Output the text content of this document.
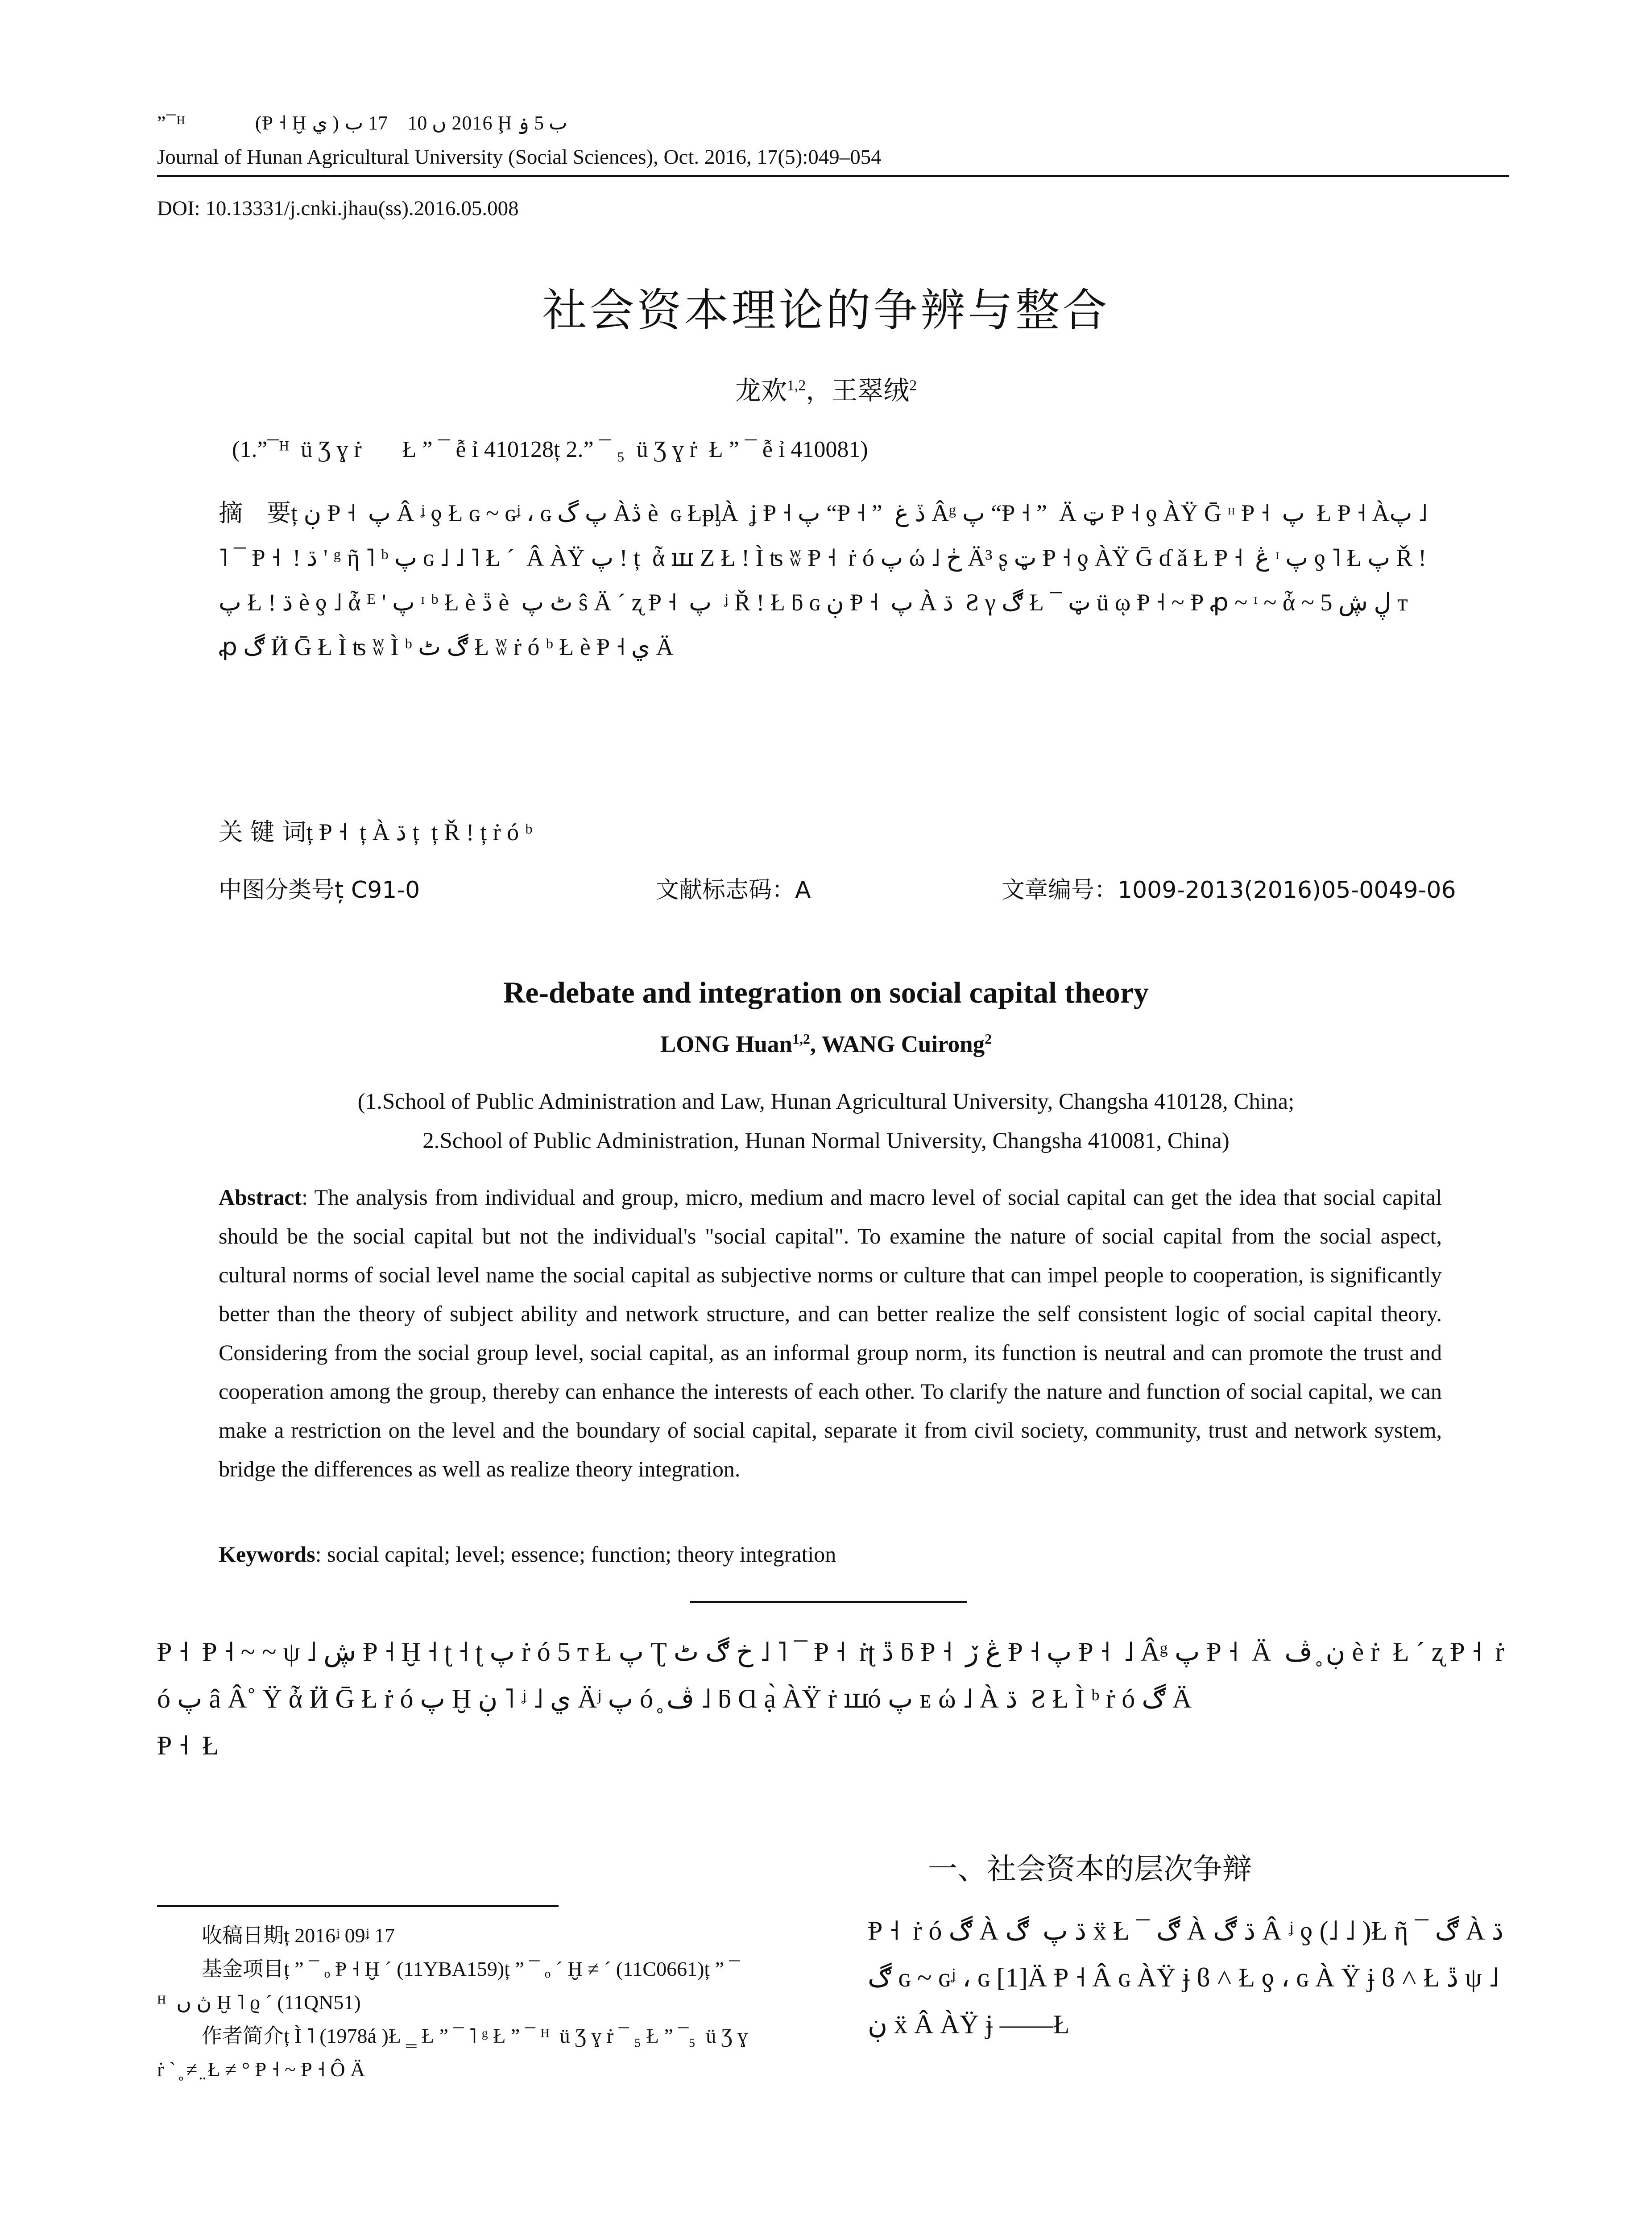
”¯ᴴ ‌ ‌ ‌ ‌ ‌ ‌‌ ‌‌ ‌ ‌ ‌ ‌ ‌ (Ᵽ ˧ Ḫ ي ) 2016 ں 10 ‌ ‌ ‌ 17 ب Ḩ ب 5 ۏ
Journal of Hunan Agricultural University (Social Sciences), Oct. 2016, 17(5):049–054
DOI: 10.13331/j.cnki.jhau(ss).2016.05.008
社会资本理论的争辨与整合
龙欢$^{1,2}$，王翠绒$^2$
(1.”¯ᴴ ‌ ü Ʒ ɣ ṙ ‌ ‌ ‌ ‌ ‌ ‌ Ł ” ¯ ễ ỉ 410128ț 2.” ¯ ₅ ‌ ü Ʒ ɣ ṙ ‌ Ł ” ¯ ễ ỉ 410081)
摘　要ț ڹ Ᵽ ˧ ​ پ Â ᶨ ƍ Ł ɢ ~ ɢᶨ ، ɢ پ گ Àڎ è ​ ɢ ŁᵽᶅÀ ​ ʝ Ᵽ ˧ پ “Ᵽ ˧ ” ​ ڏ غ Âᵍ پ “Ᵽ ˧ ” ​ Ä ټ Ᵽ ˧ ƍ ÀŸ Ḡ ᵸ Ᵽ ˧ ​ پ ​ Ł Ᵽ ˧ Àپ ˩ ˥ ¯ Ᵽ ˧ ​ ! ڌ ' ᵍ ῆ ˥ ᵇ پ ɢ ˩ ˩ ˥ Ł ´ ​ Â ÀŸ پ ! ț ​ ἆ ꟺ Z Ł ! Ì ʦ ʬ Ᵽ ˧ ​ ṙ ó پ ώ ˩ ڂ Ä³ ʂ ټ Ᵽ ˧ ƍ ÀŸ Ḡ ɗ ǎ Ł Ᵽ ˧ ​ ڠ ᶦ پ ƍ ˥ Ł پ Ř ! پ Ł ! ڌ è ƍ ˩ ἆ ᴱ ' پ ᶦ ᵇ Ł è ڐ è ​ ٹ پ ŝ Ä ´ ʐ Ᵽ ˧ ​ پ ​ ᶨ Ř ! Ł ƃ ɢ ڹ Ᵽ ˧ ​ پ À ڌ ​ Ƨ γ ڰ Ł ¯ ټ ü ῳ Ᵽ ˧ ~ Ᵽ ꝓ ~ ᶦ ~ ἆ ~ ڸ ڜ 5 ᴛ ꝓ ڰ Ӥ Ḡ Ł Ì ʦ ʬ Ì ᵇ ڰ ٹ Ł ʬ ṙ ó ᵇ Ł è Ᵽ ˧ ي Ä
关 键 词ț Ᵽ ˧ ​ ț À ڌ ț ​ ț Ř ! ț ṙ ó ᵇ
中图分类号ț C91-0	文献标志码：A	文章编号：1009-2013(2016)05-0049-06
Re-debate and integration on social capital theory
LONG Huan$^{1,2}$, WANG Cuirong$^2$
(1.School of Public Administration and Law, Hunan Agricultural University, Changsha 410128, China;
2.School of Public Administration, Hunan Normal University, Changsha 410081, China)
Abstract: The analysis from individual and group, micro, medium and macro level of social capital can get the idea that social capital should be the social capital but not the individual's "social capital". To examine the nature of social capital from the social aspect, cultural norms of social level name the social capital as subjective norms or culture that can impel people to cooperation, is significantly better than the theory of subject ability and network structure, and can better realize the self consistent logic of social capital theory. Considering from the social group level, social capital, as an informal group norm, its function is neutral and can promote the trust and cooperation among the group, thereby can enhance the interests of each other. To clarify the nature and function of social capital, we can make a restriction on the level and the boundary of social capital, separate it from civil society, community, trust and network system, bridge the differences as well as realize theory integration.
Keywords: social capital; level; essence; function; theory integration
Ᵽ ˧ ​ Ᵽ ˧ ~ ~ ψ ˩ ڜ Ᵽ ˧ Ḫ ˧ ʈ ˧ ʈ پ ṙ ó 5 ᴛ Ł پ Ʈ خ ڰ ٹ ˩ ˥ ¯ Ᵽ ˧ ​ ṙ ó پ â Â˚ Ÿ ἆ Ӥ Ḡ Ł ṙ ó پ Ḫ ڹ ˥ ᶨ ˩ ي Äʲ پ ó ̥ ڤ ˩ ƃ Ɑ ạ̀ ÀŸ ṙ ꟺ Ᵽ ˧ ​ Ł
ʈ ڐ ƃ Ᵽ ˧ ​ ڠ ڒ Ᵽ ˧ پ Ᵽ ˧ ​ ˩ Âᵍ پ Ᵽ ˧ ​ Ä ​ ڹ ̥ ڤ è ṙ ​ Ł ´ ʐ Ᵽ ˧ ​ ṙ ó پ ᴇ ώ ˩ À ڌ ​ Ƨ Ł Ì ᵇ ṙ ó ڰ Ä
一、社会资本的层次争辩
Ᵽ ˧ ​ ṙ ó ڰ À ڌ پ ​ ڰ ẍ Ł ¯ ڰ À ڌ ڰ Â ᶨ ƍ (˩ ˩ )Ł ῆ ¯ ڰ À ڌ ڰ ɢ ~ ɢᶨ ، ɢ [1]Ä Ᵽ ˧ Â ɢ ÀŸ ɉ ϐ ˄ Ł ƍ ، ɢ À Ÿ ɉ ϐ ˄ Ł ڐ ψ ˩ ڹ ẍ Â ÀŸ ɉ ——Ł
收稿日期ț 2016ᶨ 09ᶨ 17
基金项目ț ” ¯ ₒ Ᵽ ˧ Ḫ ´ (11YBA159)ț ” ¯ ₒ ´ Ḫ ≠ ´ (11C0661)ț ” ¯ ᴴ ​ ڽ ں Ḫ ˥ ϱ ´ (11QN51)
作者简介ț Ì ˥ (1978á )Ł ‗ Ł ” ¯ ˥ ᵍ Ł ” ¯ ᴴ ​ ü Ʒ ɣ ṙ ¯ ₅ Ł ” ¯₅ ​ ü Ʒ ɣ ṙ ` ̥ ≠ ̤ Ł ≠ ° Ᵽ ˧ ~ Ᵽ ˧ Ô Ä
